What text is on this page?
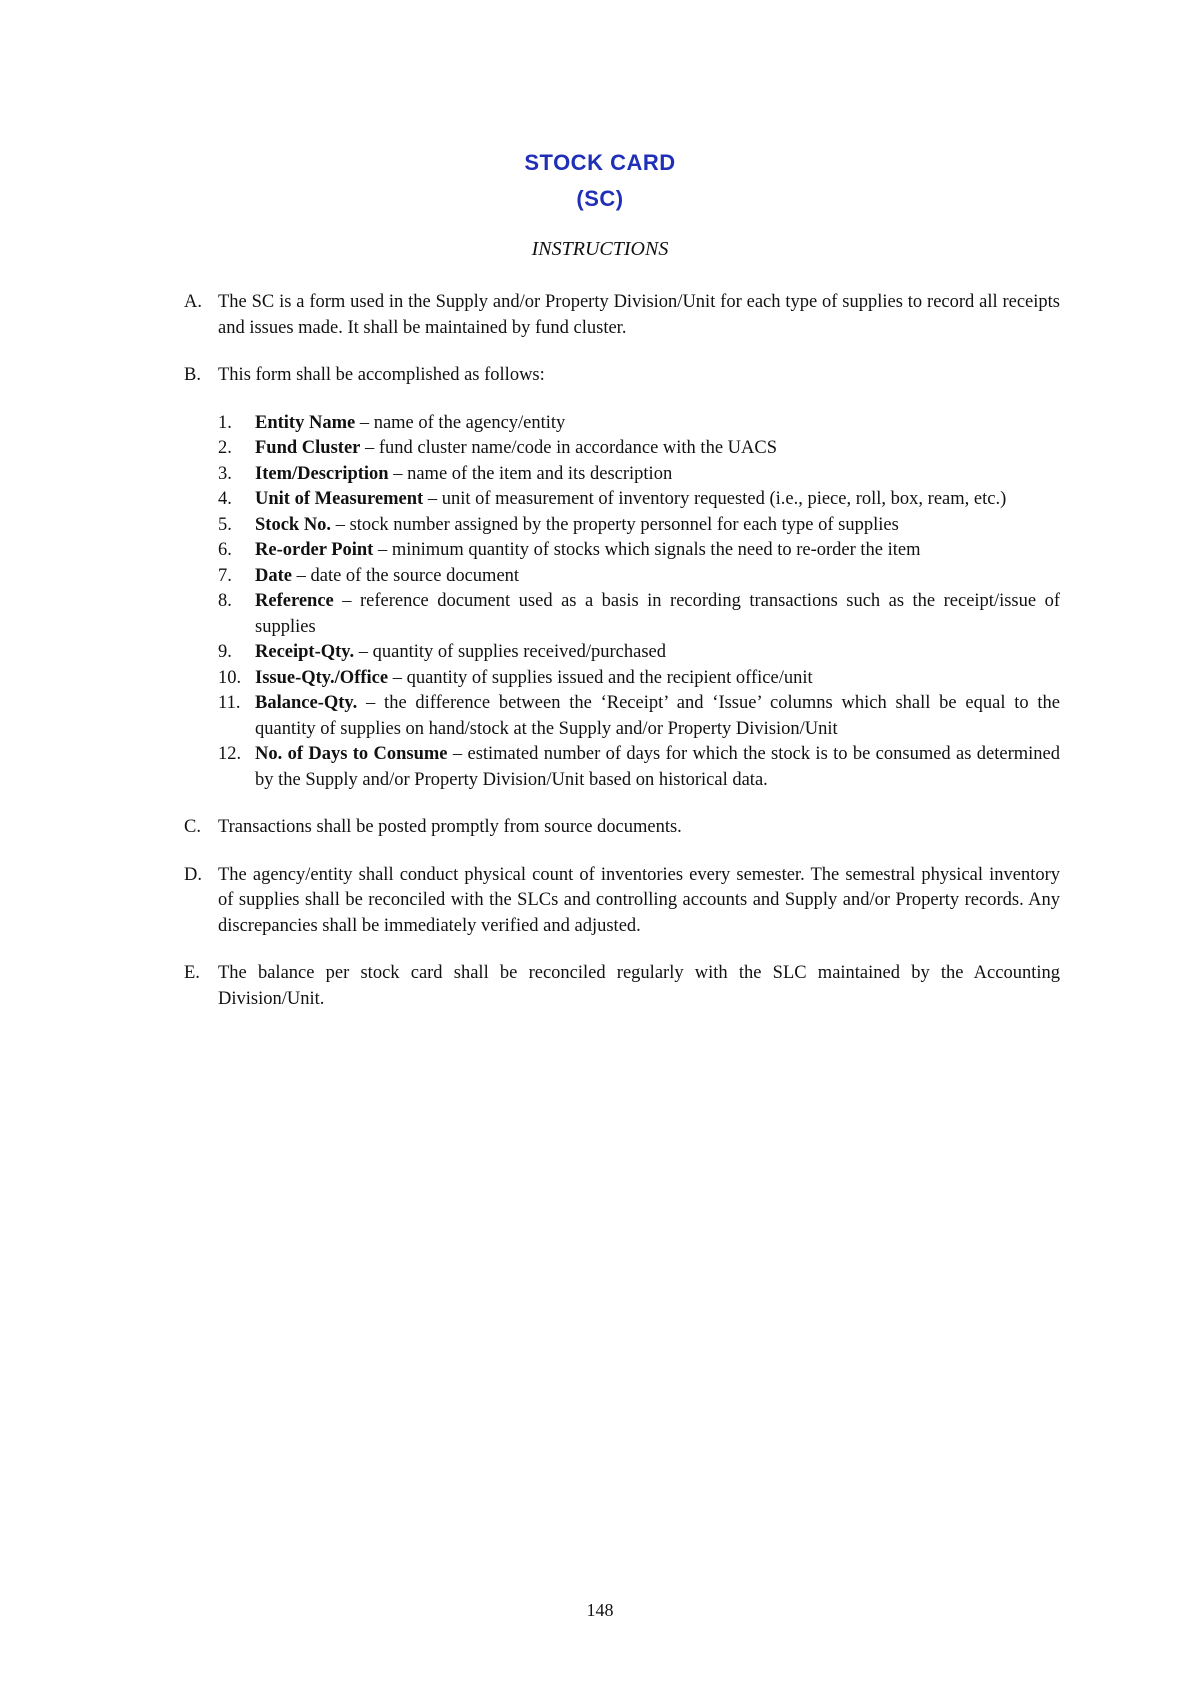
STOCK CARD
(SC)
INSTRUCTIONS
A. The SC is a form used in the Supply and/or Property Division/Unit for each type of supplies to record all receipts and issues made. It shall be maintained by fund cluster.
B. This form shall be accomplished as follows:
1.	Entity Name – name of the agency/entity
2.	Fund Cluster – fund cluster name/code in accordance with the UACS
3.	Item/Description – name of the item and its description
4.	Unit of Measurement – unit of measurement of inventory requested (i.e., piece, roll, box, ream, etc.)
5.	Stock No. – stock number assigned by the property personnel for each type of supplies
6.	Re-order Point – minimum quantity of stocks which signals the need to re-order the item
7.	Date – date of the source document
8.	Reference – reference document used as a basis in recording transactions such as the receipt/issue of supplies
9.	Receipt-Qty. – quantity of supplies received/purchased
10. Issue-Qty./Office – quantity of supplies issued and the recipient office/unit
11. Balance-Qty. – the difference between the ‘Receipt’ and ‘Issue’ columns which shall be equal to the quantity of supplies on hand/stock at the Supply and/or Property Division/Unit
12. No. of Days to Consume – estimated number of days for which the stock is to be consumed as determined by the Supply and/or Property Division/Unit based on historical data.
C. Transactions shall be posted promptly from source documents.
D. The agency/entity shall conduct physical count of inventories every semester. The semestral physical inventory of supplies shall be reconciled with the SLCs and controlling accounts and Supply and/or Property records. Any discrepancies shall be immediately verified and adjusted.
E. The balance per stock card shall be reconciled regularly with the SLC maintained by the Accounting Division/Unit.
148
